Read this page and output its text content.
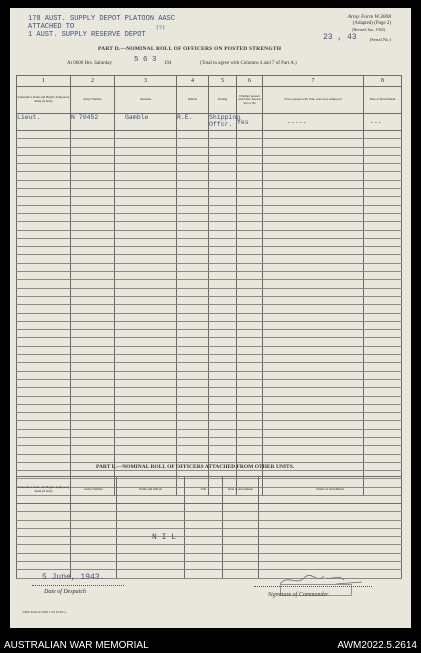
178 AUST. SUPPLY DEPOT PLATOON AASC
ATTACHED TO
1 AUST. SUPPLY RESERVE DEPOT
(?)
Army Form W.3008
(Adapted) (Page 2)
(Revised Jan., 1943)
23 , 43	(Serial No.)
PART D.—NOMINAL ROLL OF OFFICERS ON POSTED STRENGTH
At 0600 Hrs. Saturday	5 6 3 194	(Total to agree with Columns 4 and 7 of Part A.)
1	2	3	4	5	6	7	8
Substantive Rank and Higher Temporary Rank (if held)	Army Number	Surname	Initials	Posting	Whether present with Unit. Answer Yes or No	If not present with Unit, state how employed	Date of Detachment
Lieut.	N 70452	Gamble	R.E.	Shipping Offcr.	Yes	-----	---

PART E.—NOMINAL ROLL OF OFFICERS ATTACHED FROM OTHER UNITS.
Substantive Rank and Higher Temporary Rank (if held)	Army Number	Name and Initials	Unit	Date of Attachment	Nature of Attachment

N I L
5 June, 1943.
Date of Despatch	Signature of Commander
2,000 Pads 9/1939 1/43 W.P.Co.
AUSTRALIAN WAR MEMORIAL	AWM2022.5.2614
